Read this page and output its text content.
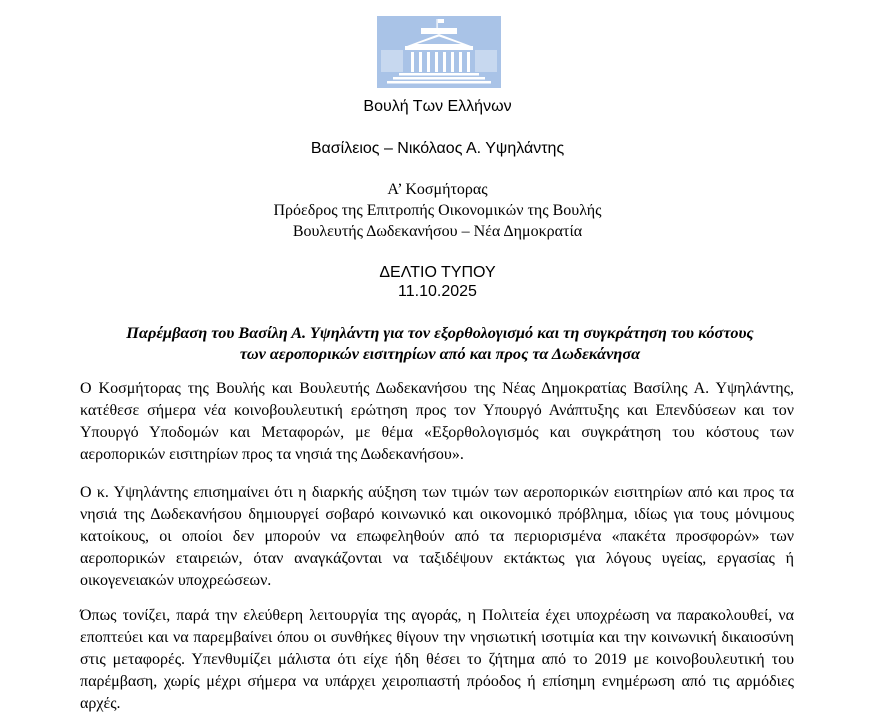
Βουλή Των Ελλήνων
Βασίλειος – Νικόλαος Α. Υψηλάντης
Α’ Κοσμήτορας
Πρόεδρος της Επιτροπής Οικονομικών της Βουλής
Βουλευτής Δωδεκανήσου – Νέα Δημοκρατία
ΔΕΛΤΙΟ ΤΥΠΟΥ
11.10.2025
Παρέμβαση του Βασίλη Α. Υψηλάντη για τον εξορθολογισμό και τη συγκράτηση του κόστους
των αεροπορικών εισιτηρίων από και προς τα Δωδεκάνησα
Ο Κοσμήτορας της Βουλής και Βουλευτής Δωδεκανήσου της Νέας Δημοκρατίας Βασίλης Α. Υψηλάντης, κατέθεσε σήμερα νέα κοινοβουλευτική ερώτηση προς τον Υπουργό Ανάπτυξης και Επενδύσεων και τον Υπουργό Υποδομών και Μεταφορών, με θέμα «Εξορθολογισμός και συγκράτηση του κόστους των αεροπορικών εισιτηρίων προς τα νησιά της Δωδεκανήσου».
Ο κ. Υψηλάντης επισημαίνει ότι η διαρκής αύξηση των τιμών των αεροπορικών εισιτηρίων από και προς τα νησιά της Δωδεκανήσου δημιουργεί σοβαρό κοινωνικό και οικονομικό πρόβλημα, ιδίως για τους μόνιμους κατοίκους, οι οποίοι δεν μπορούν να επωφεληθούν από τα περιορισμένα «πακέτα προσφορών» των αεροπορικών εταιρειών, όταν αναγκάζονται να ταξιδέψουν εκτάκτως για λόγους υγείας, εργασίας ή οικογενειακών υποχρεώσεων.
Όπως τονίζει, παρά την ελεύθερη λειτουργία της αγοράς, η Πολιτεία έχει υποχρέωση να παρακολουθεί, να εποπτεύει και να παρεμβαίνει όπου οι συνθήκες θίγουν την νησιωτική ισοτιμία και την κοινωνική δικαιοσύνη στις μεταφορές. Υπενθυμίζει μάλιστα ότι είχε ήδη θέσει το ζήτημα από το 2019 με κοινοβουλευτική του παρέμβαση, χωρίς μέχρι σήμερα να υπάρχει χειροπιαστή πρόοδος ή επίσημη ενημέρωση από τις αρμόδιες αρχές.
